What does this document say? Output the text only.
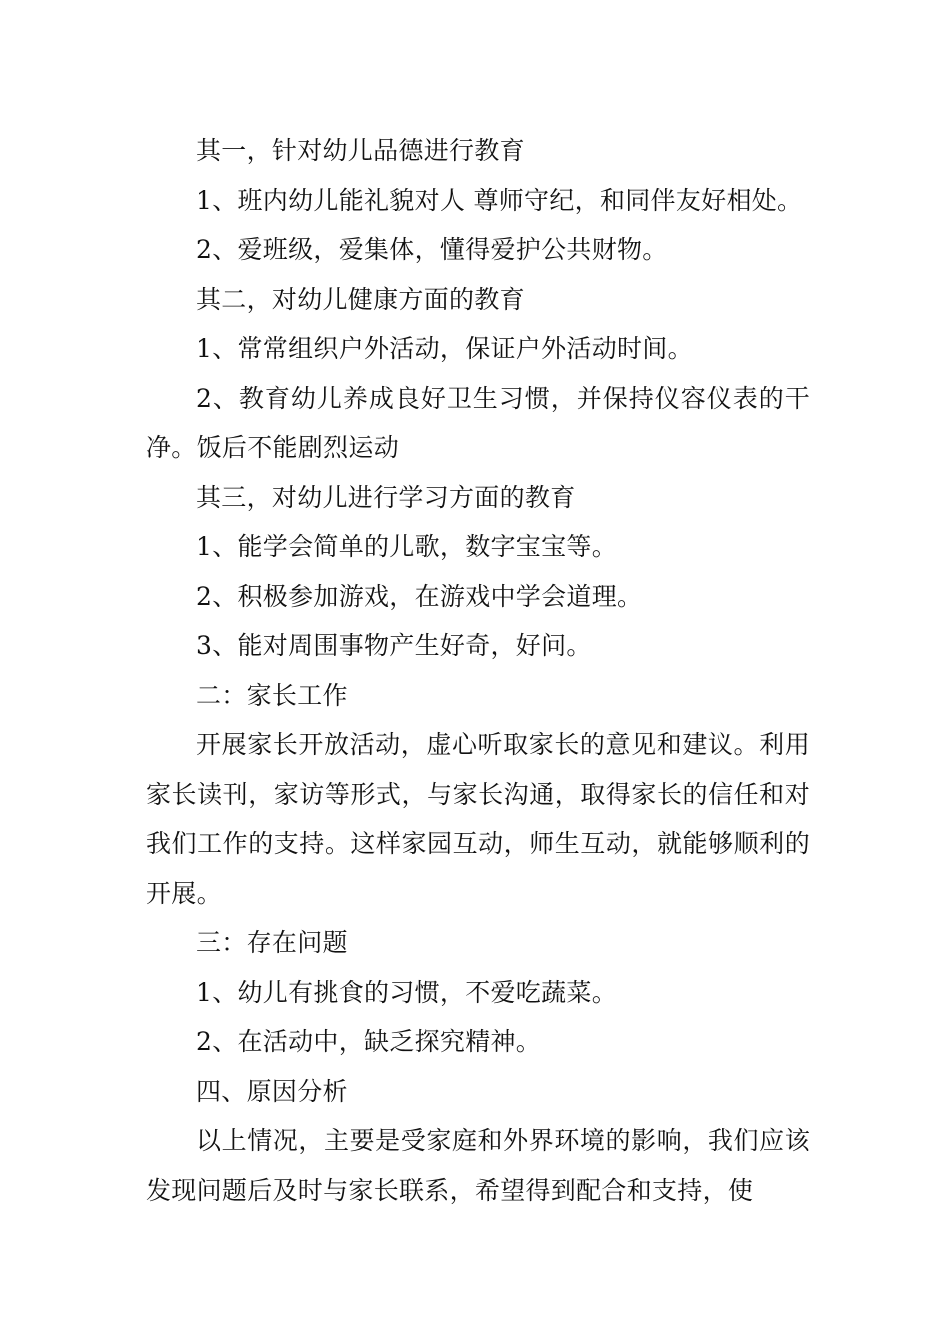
其一，针对幼儿品德进行教育

1、班内幼儿能礼貌对人 尊师守纪，和同伴友好相处。

2、爱班级，爱集体，懂得爱护公共财物。

其二，对幼儿健康方面的教育

1、常常组织户外活动，保证户外活动时间。

2、教育幼儿养成良好卫生习惯，并保持仪容仪表的干净。饭后不能剧烈运动

其三，对幼儿进行学习方面的教育

1、能学会简单的儿歌，数字宝宝等。

2、积极参加游戏，在游戏中学会道理。

3、能对周围事物产生好奇，好问。

二：家长工作

开展家长开放活动，虚心听取家长的意见和建议。利用家长读刊，家访等形式，与家长沟通，取得家长的信任和对我们工作的支持。这样家园互动，师生互动，就能够顺利的开展。

三：存在问题

1、幼儿有挑食的习惯，不爱吃蔬菜。

2、在活动中，缺乏探究精神。

四、原因分析

以上情况，主要是受家庭和外界环境的影响，我们应该发现问题后及时与家长联系，希望得到配合和支持，使
